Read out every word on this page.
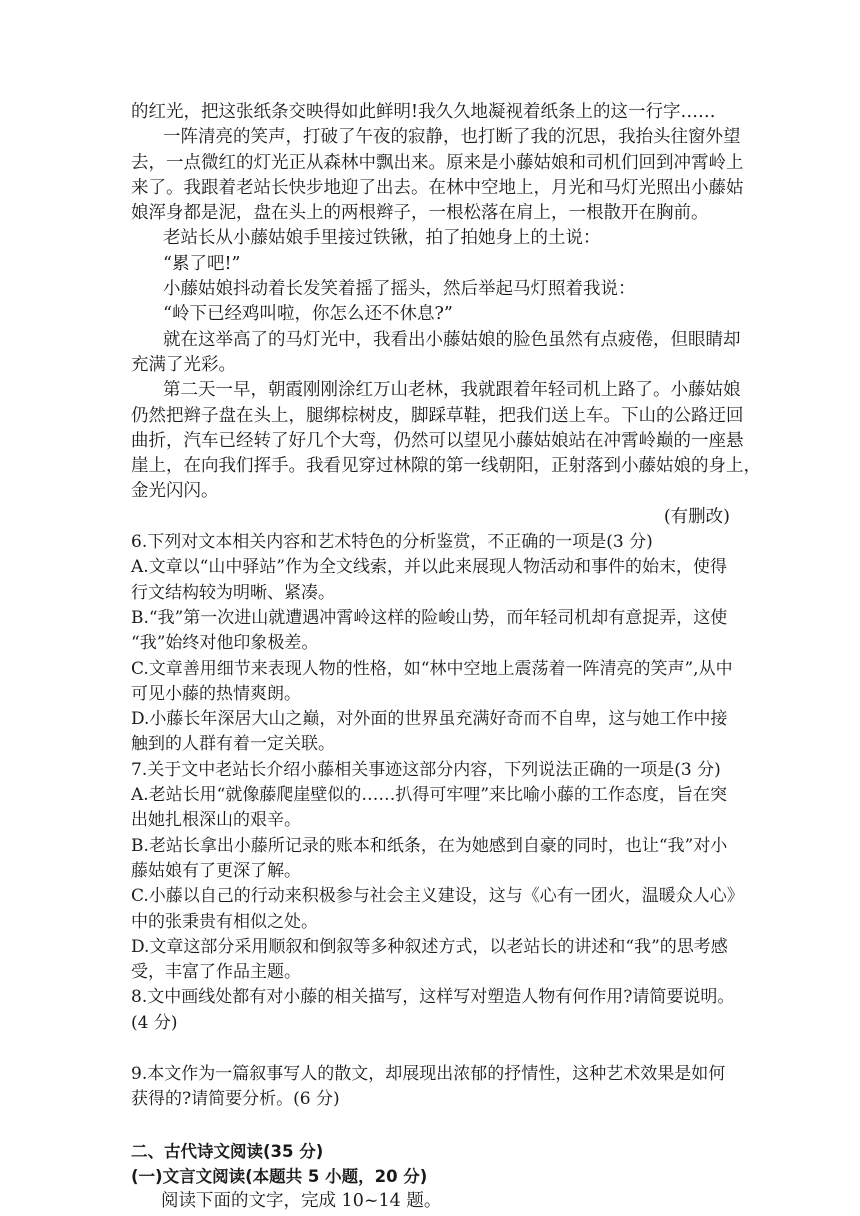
的红光，把这张纸条交映得如此鲜明!我久久地凝视着纸条上的这一行字……
一阵清亮的笑声，打破了午夜的寂静，也打断了我的沉思，我抬头往窗外望
去，一点微红的灯光正从森林中飘出来。原来是小藤姑娘和司机们回到冲霄岭上
来了。我跟着老站长快步地迎了出去。在林中空地上，月光和马灯光照出小藤姑
娘浑身都是泥，盘在头上的两根辫子，一根松落在肩上，一根散开在胸前。
老站长从小藤姑娘手里接过铁锹，拍了拍她身上的土说：
“累了吧!”
小藤姑娘抖动着长发笑着摇了摇头，然后举起马灯照着我说：
“岭下已经鸡叫啦，你怎么还不休息?”
就在这举高了的马灯光中，我看出小藤姑娘的脸色虽然有点疲倦，但眼睛却
充满了光彩。
第二天一早，朝霞刚刚涂红万山老林，我就跟着年轻司机上路了。小藤姑娘
仍然把辫子盘在头上，腿绑棕树皮，脚踩草鞋，把我们送上车。下山的公路迂回
曲折，汽车已经转了好几个大弯，仍然可以望见小藤姑娘站在冲霄岭巅的一座悬
崖上，在向我们挥手。我看见穿过林隙的第一线朝阳，正射落到小藤姑娘的身上，
金光闪闪。
(有删改)
6.下列对文本相关内容和艺术特色的分析鉴赏，不正确的一项是(3 分)
A.文章以“山中驿站”作为全文线索，并以此来展现人物活动和事件的始末，使得
行文结构较为明晰、紧凑。
B.“我”第一次进山就遭遇冲霄岭这样的险峻山势，而年轻司机却有意捉弄，这使
“我”始终对他印象极差。
C.文章善用细节来表现人物的性格，如“林中空地上震荡着一阵清亮的笑声”,从中
可见小藤的热情爽朗。
D.小藤长年深居大山之巅，对外面的世界虽充满好奇而不自卑，这与她工作中接
触到的人群有着一定关联。
7.关于文中老站长介绍小藤相关事迹这部分内容，下列说法正确的一项是(3 分)
A.老站长用“就像藤爬崖壁似的……扒得可牢哩”来比喻小藤的工作态度，旨在突
出她扎根深山的艰辛。
B.老站长拿出小藤所记录的账本和纸条，在为她感到自豪的同时，也让“我”对小
藤姑娘有了更深了解。
C.小藤以自己的行动来积极参与社会主义建设，这与《心有一团火，温暖众人心》
中的张秉贵有相似之处。
D.文章这部分采用顺叙和倒叙等多种叙述方式，以老站长的讲述和“我”的思考感
受，丰富了作品主题。
8.文中画线处都有对小藤的相关描写，这样写对塑造人物有何作用?请简要说明。
(4 分)
9.本文作为一篇叙事写人的散文，却展现出浓郁的抒情性，这种艺术效果是如何
获得的?请简要分析。(6 分)
二、古代诗文阅读(35 分)
(一)文言文阅读(本题共 5 小题，20 分)
阅读下面的文字，完成 10~14 题。
